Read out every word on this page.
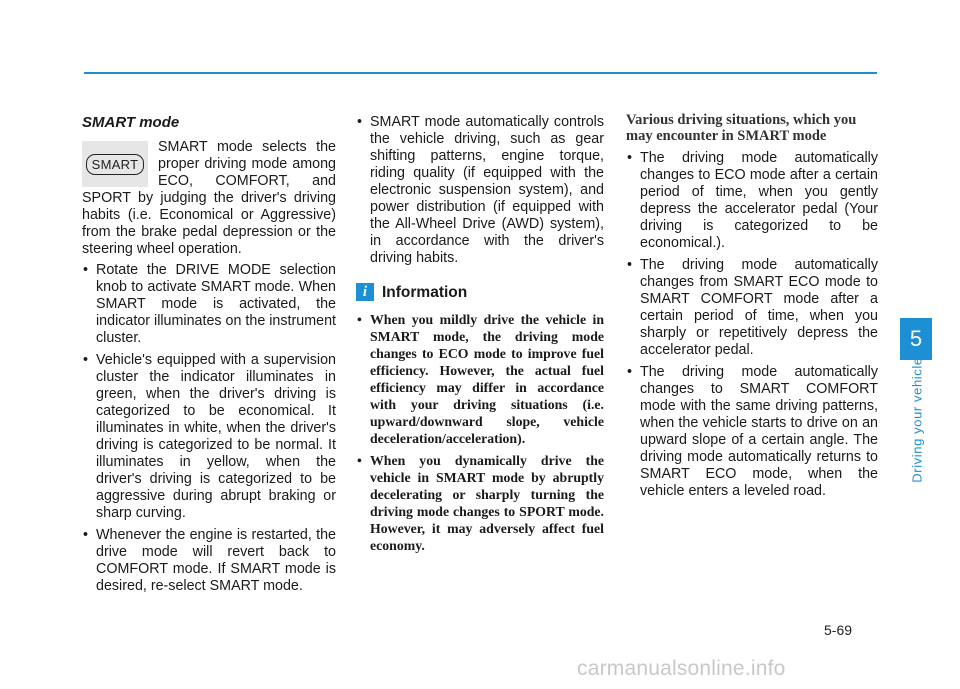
SMART mode
SMART
SMART mode selects the proper driving mode among ECO, COMFORT, and SPORT by judging the driver's driving habits (i.e. Economical or Aggressive) from the brake pedal depression or the steering wheel operation.
• Rotate the DRIVE MODE selection knob to activate SMART mode. When SMART mode is activated, the indicator illuminates on the instrument cluster.
• Vehicle's equipped with a supervision cluster the indicator illuminates in green, when the driver's driving is categorized to be economical. It illuminates in white, when the driver's driving is categorized to be normal. It illuminates in yellow, when the driver's driving is categorized to be aggressive during abrupt braking or sharp curving.
• Whenever the engine is restarted, the drive mode will revert back to COMFORT mode. If SMART mode is desired, re-select SMART mode.
• SMART mode automatically controls the vehicle driving, such as gear shifting patterns, engine torque, riding quality (if equipped with the electronic suspension system), and power distribution (if equipped with the All-Wheel Drive (AWD) system), in accordance with the driver's driving habits.
i Information
• When you mildly drive the vehicle in SMART mode, the driving mode changes to ECO mode to improve fuel efficiency. However, the actual fuel efficiency may differ in accordance with your driving situations (i.e. upward/downward slope, vehicle deceleration/acceleration).
• When you dynamically drive the vehicle in SMART mode by abruptly decelerating or sharply turning the driving mode changes to SPORT mode. However, it may adversely affect fuel economy.
Various driving situations, which you may encounter in SMART mode
• The driving mode automatically changes to ECO mode after a certain period of time, when you gently depress the accelerator pedal (Your driving is categorized to be economical.).
• The driving mode automatically changes from SMART ECO mode to SMART COMFORT mode after a certain period of time, when you sharply or repetitively depress the accelerator pedal.
• The driving mode automatically changes to SMART COMFORT mode with the same driving patterns, when the vehicle starts to drive on an upward slope of a certain angle. The driving mode automatically returns to SMART ECO mode, when the vehicle enters a leveled road.
5
Driving your vehicle
5-69
carmanualsonline.info
